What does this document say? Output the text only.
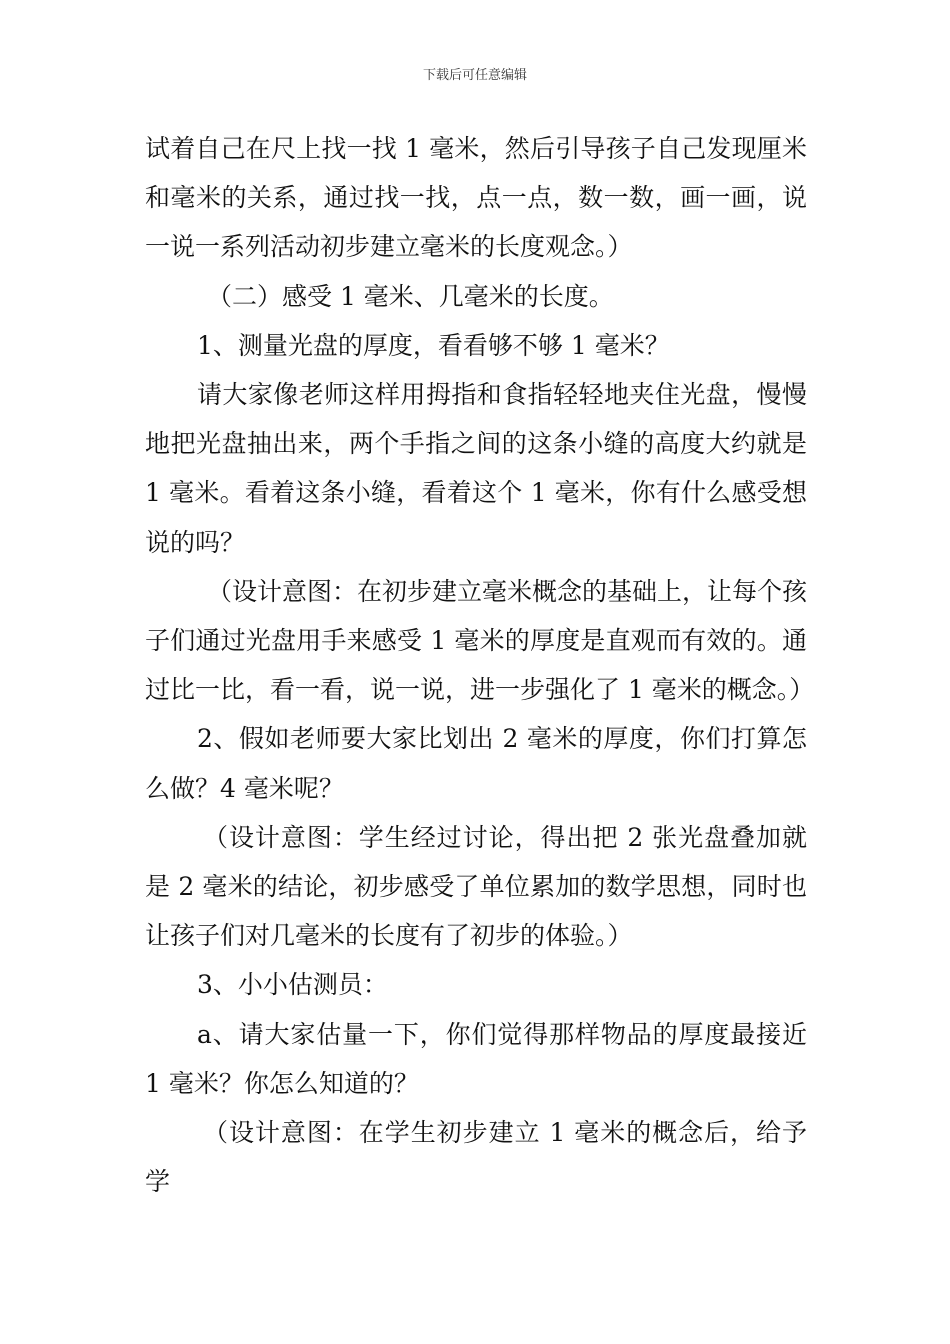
下载后可任意编辑

试着自己在尺上找一找 1 毫米，然后引导孩子自己发现厘米和毫米的关系，通过找一找，点一点，数一数，画一画，说一说一系列活动初步建立毫米的长度观念。）

（二）感受 1 毫米、几毫米的长度。

1、测量光盘的厚度，看看够不够 1 毫米？

请大家像老师这样用拇指和食指轻轻地夹住光盘，慢慢地把光盘抽出来，两个手指之间的这条小缝的高度大约就是 1 毫米。看着这条小缝，看着这个 1 毫米，你有什么感受想说的吗？

（设计意图：在初步建立毫米概念的基础上，让每个孩子们通过光盘用手来感受 1 毫米的厚度是直观而有效的。通过比一比，看一看，说一说，进一步强化了 1 毫米的概念。）

2、假如老师要大家比划出 2 毫米的厚度，你们打算怎么做？4 毫米呢？

（设计意图：学生经过讨论，得出把 2 张光盘叠加就是 2 毫米的结论，初步感受了单位累加的数学思想，同时也让孩子们对几毫米的长度有了初步的体验。）

3、小小估测员：

a、请大家估量一下，你们觉得那样物品的厚度最接近 1 毫米？你怎么知道的？

（设计意图：在学生初步建立 1 毫米的概念后，给予学
